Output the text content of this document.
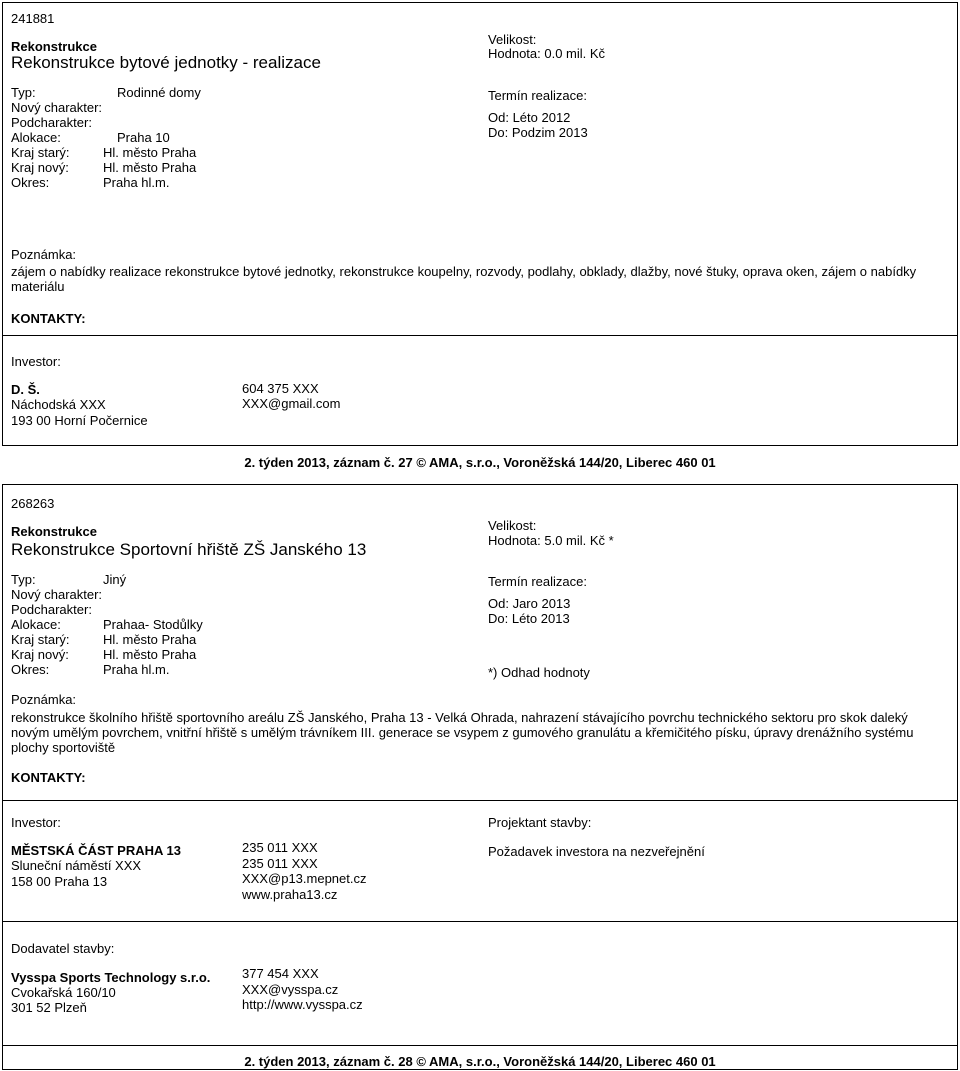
241881
Rekonstrukce
Rekonstrukce bytové jednotky - realizace
Typ:
Nový charakter:
Podcharakter:
Alokace:
Kraj starý:
Kraj nový:
Okres:
Rodinné domy
Praha 10
Hl. město Praha
Hl. město Praha
Praha hl.m.
Velikost:
Hodnota: 0.0 mil. Kč
Termín realizace:
Od: Léto 2012
Do: Podzim 2013
Poznámka:
zájem o nabídky realizace rekonstrukce bytové jednotky, rekonstrukce koupelny, rozvody, podlahy, obklady, dlažby, nové štuky, oprava oken, zájem o nabídky materiálu
KONTAKTY:
Investor:
D. Š.
Náchodská XXX
193 00 Horní Počernice
604 375 XXX
XXX@gmail.com
2. týden 2013, záznam č. 27 © AMA, s.r.o., Voroněžská 144/20, Liberec 460 01
268263
Rekonstrukce
Rekonstrukce Sportovní hřiště ZŠ Janského 13
Typ:
Nový charakter:
Podcharakter:
Alokace:
Kraj starý:
Kraj nový:
Okres:
Jiný
Prahaa- Stodůlky
Hl. město Praha
Hl. město Praha
Praha hl.m.
Velikost:
Hodnota: 5.0 mil. Kč *
Termín realizace:
Od: Jaro 2013
Do: Léto 2013
*) Odhad hodnoty
Poznámka:
rekonstrukce školního hřiště sportovního areálu ZŠ Janského, Praha 13 - Velká Ohrada, nahrazení stávajícího povrchu technického sektoru pro skok daleký novým umělým povrchem, vnitřní hřiště s umělým trávníkem III. generace se vsypem z gumového granulátu a křemičitého písku, úpravy drenážního systému plochy sportoviště
KONTAKTY:
Investor:
MĚSTSKÁ ČÁST PRAHA 13
Sluneční náměstí XXX
158 00 Praha 13
235 011 XXX
235 011 XXX
XXX@p13.mepnet.cz
www.praha13.cz
Projektant stavby:
Požadavek investora na nezveřejnění
Dodavatel stavby:
Vysspa Sports Technology s.r.o.
Cvokařská 160/10
301 52 Plzeň
377 454 XXX
XXX@vysspa.cz
http://www.vysspa.cz
2. týden 2013, záznam č. 28 © AMA, s.r.o., Voroněžská 144/20, Liberec 460 01
